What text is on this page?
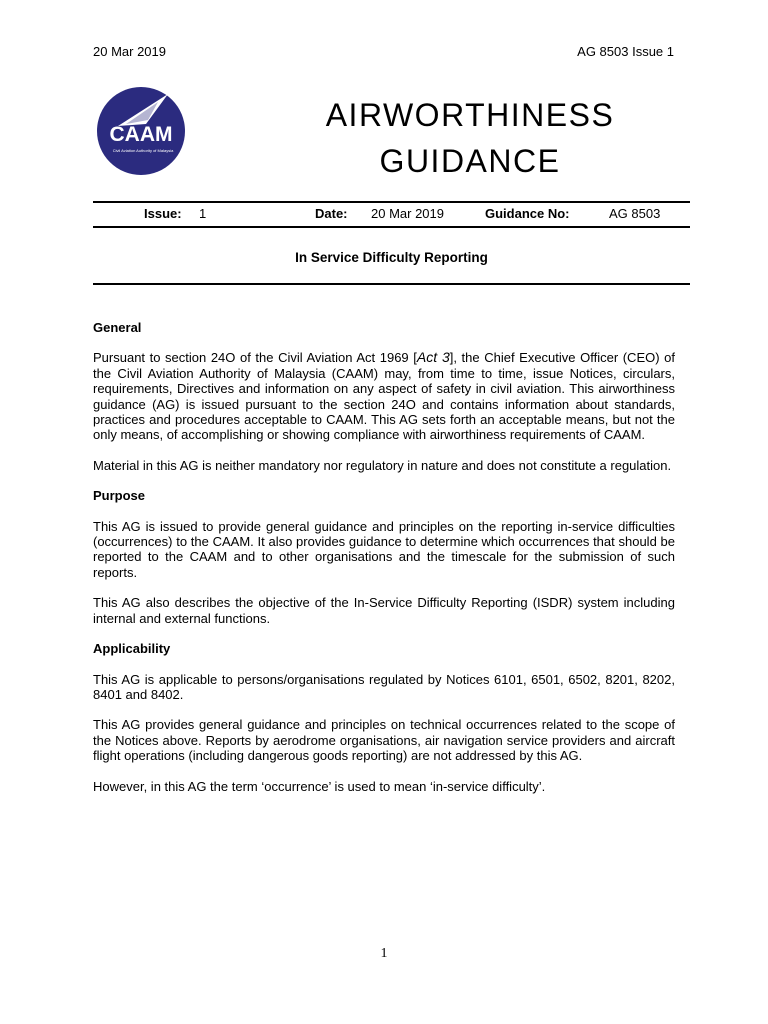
20 Mar 2019	AG 8503 Issue 1
CAAM
Civil Aviation Authority of Malaysia
AIRWORTHINESS
GUIDANCE
Issue: 1	Date: 20 Mar 2019	Guidance No:	AG 8503
In Service Difficulty Reporting
General

Pursuant to section 24O of the Civil Aviation Act 1969 [Act 3], the Chief Executive Officer (CEO) of the Civil Aviation Authority of Malaysia (CAAM) may, from time to time, issue Notices, circulars, requirements, Directives and information on any aspect of safety in civil aviation. This airworthiness guidance (AG) is issued pursuant to the section 24O and contains information about standards, practices and procedures acceptable to CAAM. This AG sets forth an acceptable means, but not the only means, of accomplishing or showing compliance with airworthiness requirements of CAAM.

Material in this AG is neither mandatory nor regulatory in nature and does not constitute a regulation.

Purpose

This AG is issued to provide general guidance and principles on the reporting in-service difficulties (occurrences) to the CAAM. It also provides guidance to determine which occurrences that should be reported to the CAAM and to other organisations and the timescale for the submission of such reports.

This AG also describes the objective of the In-Service Difficulty Reporting (ISDR) system including internal and external functions.

Applicability

This AG is applicable to persons/organisations regulated by Notices 6101, 6501, 6502, 8201, 8202, 8401 and 8402.

This AG provides general guidance and principles on technical occurrences related to the scope of the Notices above. Reports by aerodrome organisations, air navigation service providers and aircraft flight operations (including dangerous goods reporting) are not addressed by this AG.

However, in this AG the term ‘occurrence’ is used to mean ‘in-service difficulty’.

1
